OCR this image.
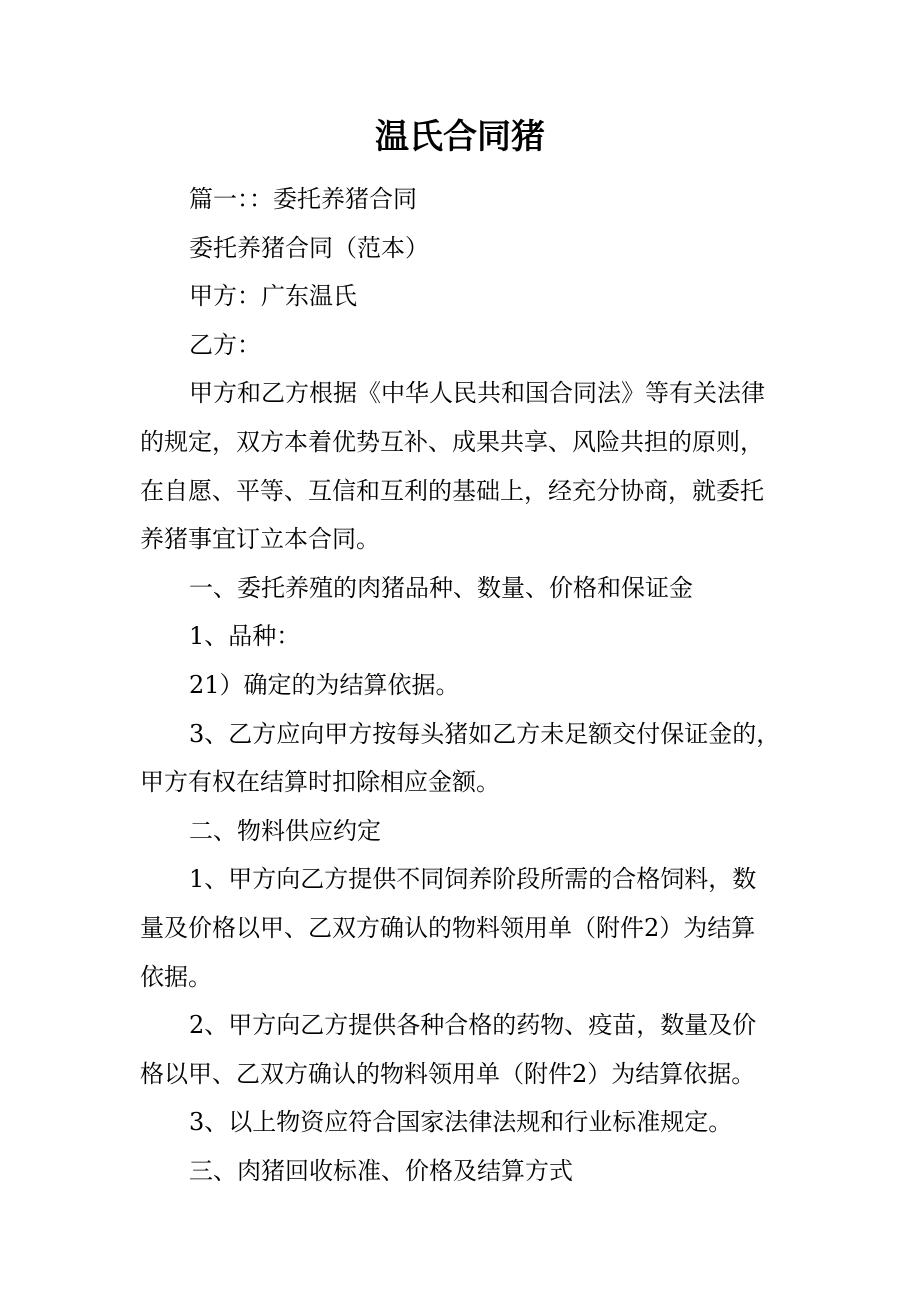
温氏合同猪
篇一：：委托养猪合同
委托养猪合同（范本）
甲方：广东温氏
乙方：
甲方和乙方根据《中华人民共和国合同法》等有关法律
的规定，双方本着优势互补、成果共享、风险共担的原则，
在自愿、平等、互信和互利的基础上，经充分协商，就委托
养猪事宜订立本合同。
一、委托养殖的肉猪品种、数量、价格和保证金
1、品种：
21）确定的为结算依据。
3、乙方应向甲方按每头猪如乙方未足额交付保证金的，
甲方有权在结算时扣除相应金额。
二、物料供应约定
1、甲方向乙方提供不同饲养阶段所需的合格饲料，数
量及价格以甲、乙双方确认的物料领用单（附件2）为结算
依据。
2、甲方向乙方提供各种合格的药物、疫苗，数量及价
格以甲、乙双方确认的物料领用单（附件2）为结算依据。
3、以上物资应符合国家法律法规和行业标准规定。
三、肉猪回收标准、价格及结算方式
